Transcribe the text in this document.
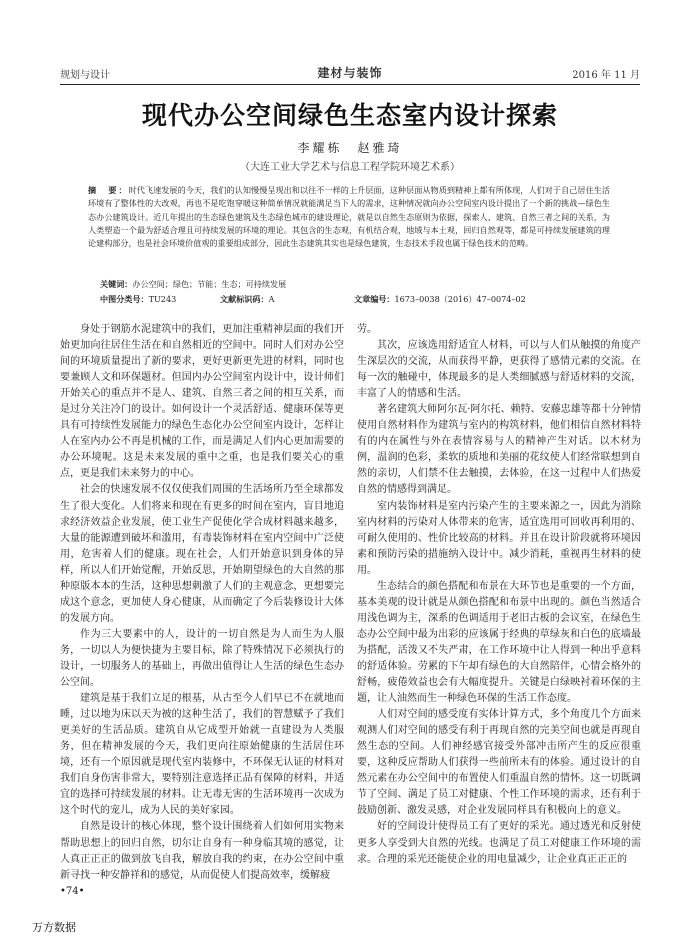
规划与设计	建材与装饰	2016 年 11 月
现代办公空间绿色生态室内设计探索
李耀栋　赵雅琦
（大连工业大学艺术与信息工程学院环境艺术系）
摘　要：时代飞速发展的今天，我们的认知慢慢呈现出和以往不一样的上升层面，这种层面从物质到精神上都有所体现，人们对于自己居住生活环境有了整体性的大改观，再也不是吃饱穿暖这种简单情况就能满足当下人的需求，这种情况就向办公空间室内设计提出了一个新的挑战—绿色生态办公建筑设计。近几年提出的生态绿色建筑及生态绿色城市的建设理论，就是以自然生态原则为依据，探索人、建筑、自然三者之间的关系，为人类塑造一个最为舒适合理且可持续发展的环境的理论。其包含的生态观，有机结合观，地域与本土观，回归自然观等，都是可持续发展建筑的理论建构部分，也是社会环境价值观的重要组成部分，因此生态建筑其实也是绿色建筑，生态技术手段也属于绿色技术的范畴。
关键词：办公空间；绿色；节能；生态；可持续发展
中图分类号：TU243	文献标识码：A	文章编号：1673–0038（2016）47–0074–02

身处于钢筋水泥建筑中的我们，更加注重精神层面的我们开始更加向往居住生活在和自然相近的空间中。同时人们对办公空间的环境质量提出了新的要求，更好更新更先进的材料，同时也要兼顾人文和环保题材。但国内办公空间室内设计中，设计师们开始关心的重点并不是人、建筑、自然三者之间的相互关系，而是过分关注冷门的设计。如何设计一个灵活舒适、健康环保等更具有可持续性发展能力的绿色生态化办公空间室内设计，怎样让人在室内办公不再是机械的工作，而是满足人们内心更加需要的办公环境呢。这是未来发展的重中之重，也是我们要关心的重点，更是我们未来努力的中心。

社会的快速发展不仅仅使我们周围的生活场所乃至全球都发生了很大变化。人们将来和现在有更多的时间在室内，盲目地追求经济效益企业发展，使工业生产促使化学合成材料越来越多，大量的能源遭到破坏和滥用，有毒装饰材料在室内空间中广泛使用，危害着人们的健康。现在社会，人们开始意识到身体的异样，所以人们开始觉醒，开始反思，开始期望绿色的大自然的那种原版本本的生活，这种思想刺激了人们的主观意念，更想要完成这个意念，更加使人身心健康，从而确定了今后装修设计大体的发展方向。

作为三大要素中的人，设计的一切自然是为人而生为人服务，一切以人为便快捷为主要目标，除了特殊情况下必须执行的设计，一切服务人的基础上，再做出值得让人生活的绿色生态办公空间。

建筑是基于我们立足的根基，从古至今人们早已不在就地而睡，过以地为床以天为被的这种生活了，我们的智慧赋予了我们更美好的生活品质。建筑自从它成型开始就一直建设为人类服务，但在精神发展的今天，我们更向往原始健康的生活居住环境，还有一个原因就是现代室内装修中，不环保无认证的材料对我们自身伤害非常大，要特别注意选择正品有保障的材料，并适宜的选择可持续发展的材料。让无毒无害的生活环境再一次成为这个时代的宠儿，成为人民的美好家园。

自然是设计的核心体现，整个设计围绕着人们如何用实物来帮助思想上的回归自然，切尔让自身有一种身临其境的感觉，让人真正正正的做到放飞自我，解放自我的约束，在办公空间中重新寻找一种安静祥和的感觉，从而促使人们提高效率，缓解疲

劳。

其次，应该选用舒适宜人材料，可以与人们从触摸的角度产生深层次的交流，从而获得平静，更获得了感情元素的交流。在每一次的触碰中，体现最多的是人类细腻感与舒适材料的交流，丰富了人的情感和生活。

著名建筑大师阿尔瓦·阿尔托、赖特、安藤忠雄等都十分钟情使用自然材料作为建筑与室内的构筑材料，他们相信自然材料特有的内在属性与外在表情容易与人的精神产生对话。以木材为例，温润的色彩，柔软的质地和美丽的花纹使人们经常联想到自然的亲切，人们禁不住去触摸，去体验，在这一过程中人们热爱自然的情感得到满足。

室内装饰材料是室内污染产生的主要来源之一，因此为消除室内材料的污染对人体带来的危害，适宜选用可回收再利用的、可耐久使用的、性价比较高的材料。并且在设计阶段就将环境因素和预防污染的措施纳入设计中。减少消耗，重视再生材料的使用。

生态结合的颜色搭配和布景在大环节也是重要的一个方面，基本美观的设计就是从颜色搭配和布景中出现的。颜色当然适合用浅色调为主，深系的色调适用于老旧古板的会议室，在绿色生态办公空间中最为出彩的应该属于经典的草绿灰和白色的底墙最为搭配，活泼又不失严肃，在工作环境中让人得到一种出乎意料的舒适体验。劳累的下午却有绿色的大自然陪伴，心情会格外的舒畅，疲倦效益也会有大幅度提升。关键是白绿映衬着环保的主题，让人油然而生一种绿色环保的生活工作态度。

人们对空间的感受度有实体计算方式，多个角度几个方面来观测人们对空间的感受有利于再现自然的完美空间也就是再现自然生态的空间。人们神经感官接受外部冲击所产生的反应很重要，这种反应帮助人们获得一些前所未有的体验。通过设计的自然元素在办公空间中的布置使人们重温自然的情怀。这一切既调节了空间、满足了员工对健康、个性工作环境的需求，还有利于鼓励创新、激发灵感，对企业发展同样具有积极向上的意义。

好的空间设计使得员工有了更好的采光。通过透光和反射使更多人享受到大自然的光线。也满足了员工对健康工作环境的需求。合理的采光还能使企业的用电量减少，让企业真正正正的

•74•
万方数据
